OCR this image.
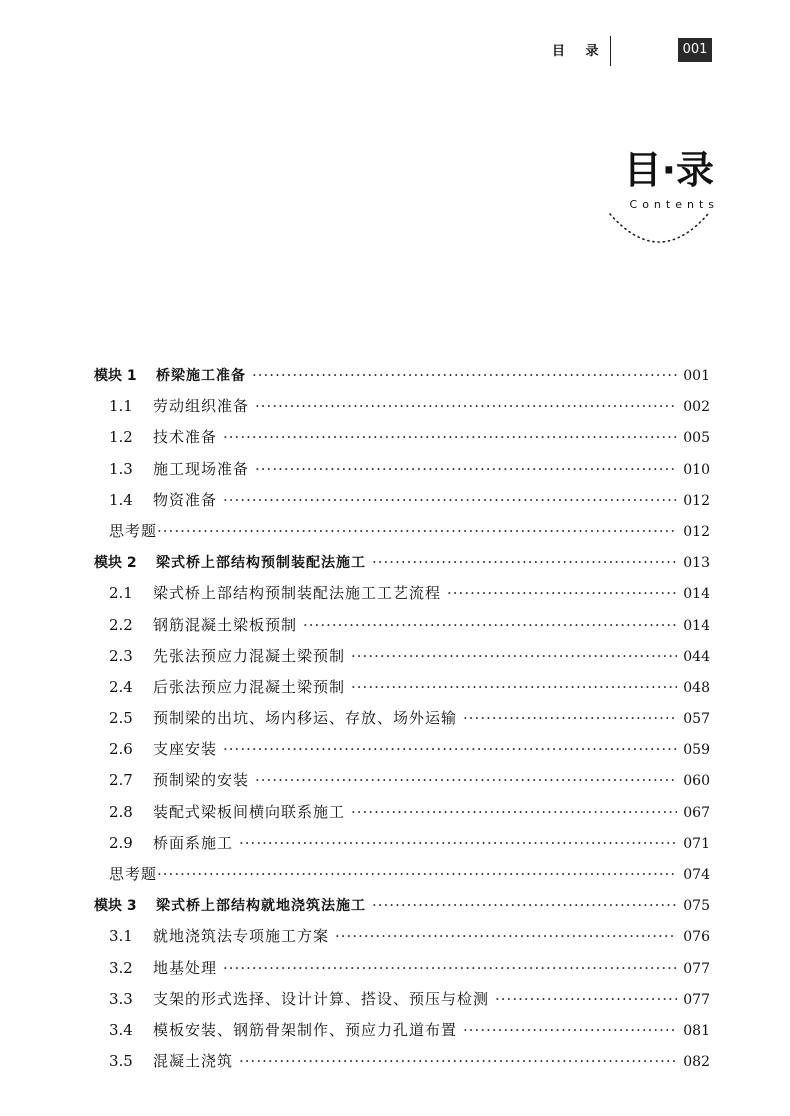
目 录	001
目·录
Contents
模块 1	桥梁施工准备 ·····	001
1.1	劳动组织准备 ·····	002
1.2	技术准备 ·····	005
1.3	施工现场准备 ·····	010
1.4	物资准备 ·····	012
思考题 ·····	012
模块 2	梁式桥上部结构预制装配法施工 ·····	013
2.1	梁式桥上部结构预制装配法施工工艺流程 ·····	014
2.2	钢筋混凝土梁板预制 ·····	014
2.3	先张法预应力混凝土梁预制 ·····	044
2.4	后张法预应力混凝土梁预制 ·····	048
2.5	预制梁的出坑、场内移运、存放、场外运输 ·····	057
2.6	支座安装 ·····	059
2.7	预制梁的安装 ·····	060
2.8	装配式梁板间横向联系施工 ·····	067
2.9	桥面系施工 ·····	071
思考题 ·····	074
模块 3	梁式桥上部结构就地浇筑法施工 ·····	075
3.1	就地浇筑法专项施工方案 ·····	076
3.2	地基处理 ·····	077
3.3	支架的形式选择、设计计算、搭设、预压与检测 ·····	077
3.4	模板安装、钢筋骨架制作、预应力孔道布置 ·····	081
3.5	混凝土浇筑 ·····	082
